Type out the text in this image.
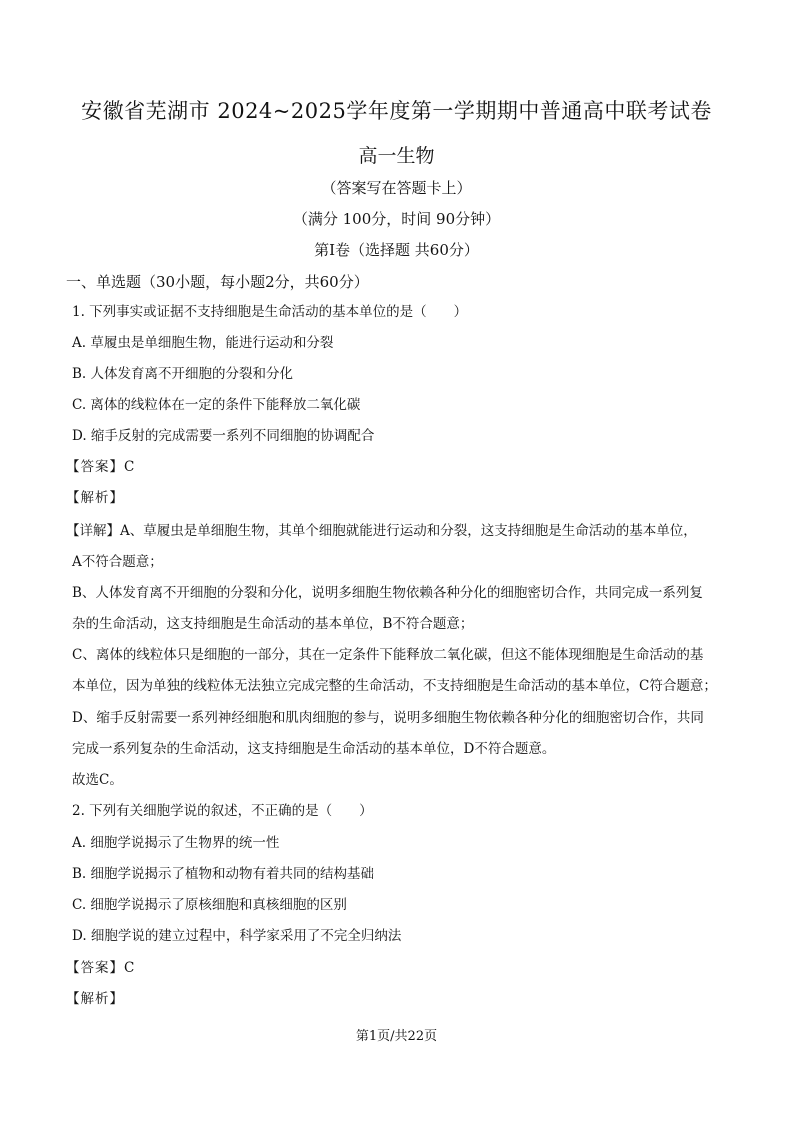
安徽省芜湖市 2024~2025学年度第一学期期中普通高中联考试卷
高一生物
（答案写在答题卡上）
（满分 100分，时间 90分钟）
第Ⅰ卷（选择题 共60分）
一、单选题（30小题，每小题2分，共60分）
1. 下列事实或证据不支持细胞是生命活动的基本单位的是（　　）
A. 草履虫是单细胞生物，能进行运动和分裂
B. 人体发育离不开细胞的分裂和分化
C. 离体的线粒体在一定的条件下能释放二氧化碳
D. 缩手反射的完成需要一系列不同细胞的协调配合
【答案】C
【解析】
【详解】A、草履虫是单细胞生物，其单个细胞就能进行运动和分裂，这支持细胞是生命活动的基本单位，
A不符合题意；
B、人体发育离不开细胞的分裂和分化，说明多细胞生物依赖各种分化的细胞密切合作，共同完成一系列复
杂的生命活动，这支持细胞是生命活动的基本单位，B不符合题意；
C、离体的线粒体只是细胞的一部分，其在一定条件下能释放二氧化碳，但这不能体现细胞是生命活动的基
本单位，因为单独的线粒体无法独立完成完整的生命活动，不支持细胞是生命活动的基本单位，C符合题意；
D、缩手反射需要一系列神经细胞和肌肉细胞的参与，说明多细胞生物依赖各种分化的细胞密切合作，共同
完成一系列复杂的生命活动，这支持细胞是生命活动的基本单位，D不符合题意。
故选C。
2. 下列有关细胞学说的叙述，不正确的是（　　）
A. 细胞学说揭示了生物界的统一性
B. 细胞学说揭示了植物和动物有着共同的结构基础
C. 细胞学说揭示了原核细胞和真核细胞的区别
D. 细胞学说的建立过程中，科学家采用了不完全归纳法
【答案】C
【解析】
第1页/共22页
